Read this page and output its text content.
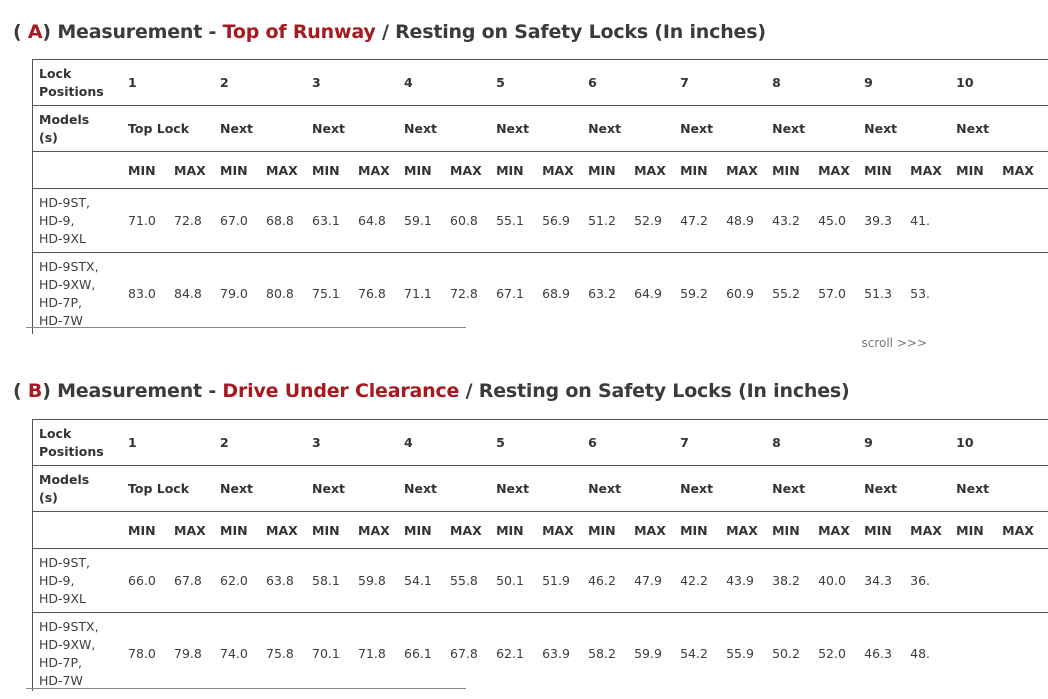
( A) Measurement - Top of Runway / Resting on Safety Locks (In inches)
Lock
Positions	1		2		3		4		5		6		7		8		9		10	

Models
(s)	Top Lock		Next		Next		Next		Next		Next		Next		Next		Next		Next	
	MIN	MAX	MIN	MAX	MIN	MAX	MIN	MAX	MIN	MAX	MIN	MAX	MIN	MAX	MIN	MAX	MIN	MAX	MIN	MAX

HD-9ST,
HD-9,
HD-9XL	71.0	72.8	67.0	68.8	63.1	64.8	59.1	60.8	55.1	56.9	51.2	52.9	47.2	48.9	43.2	45.0	39.3	41.		

HD-9STX,
HD-9XW,
HD-7P,
HD-7W	83.0	84.8	79.0	80.8	75.1	76.8	71.1	72.8	67.1	68.9	63.2	64.9	59.2	60.9	55.2	57.0	51.3	53.		
scroll >>>
( B) Measurement - Drive Under Clearance / Resting on Safety Locks (In inches)
Lock
Positions	1		2		3		4		5		6		7		8		9		10	

Models
(s)	Top Lock		Next		Next		Next		Next		Next		Next		Next		Next		Next	
	MIN	MAX	MIN	MAX	MIN	MAX	MIN	MAX	MIN	MAX	MIN	MAX	MIN	MAX	MIN	MAX	MIN	MAX	MIN	MAX

HD-9ST,
HD-9,
HD-9XL	66.0	67.8	62.0	63.8	58.1	59.8	54.1	55.8	50.1	51.9	46.2	47.9	42.2	43.9	38.2	40.0	34.3	36.		

HD-9STX,
HD-9XW,
HD-7P,
HD-7W	78.0	79.8	74.0	75.8	70.1	71.8	66.1	67.8	62.1	63.9	58.2	59.9	54.2	55.9	50.2	52.0	46.3	48.		
